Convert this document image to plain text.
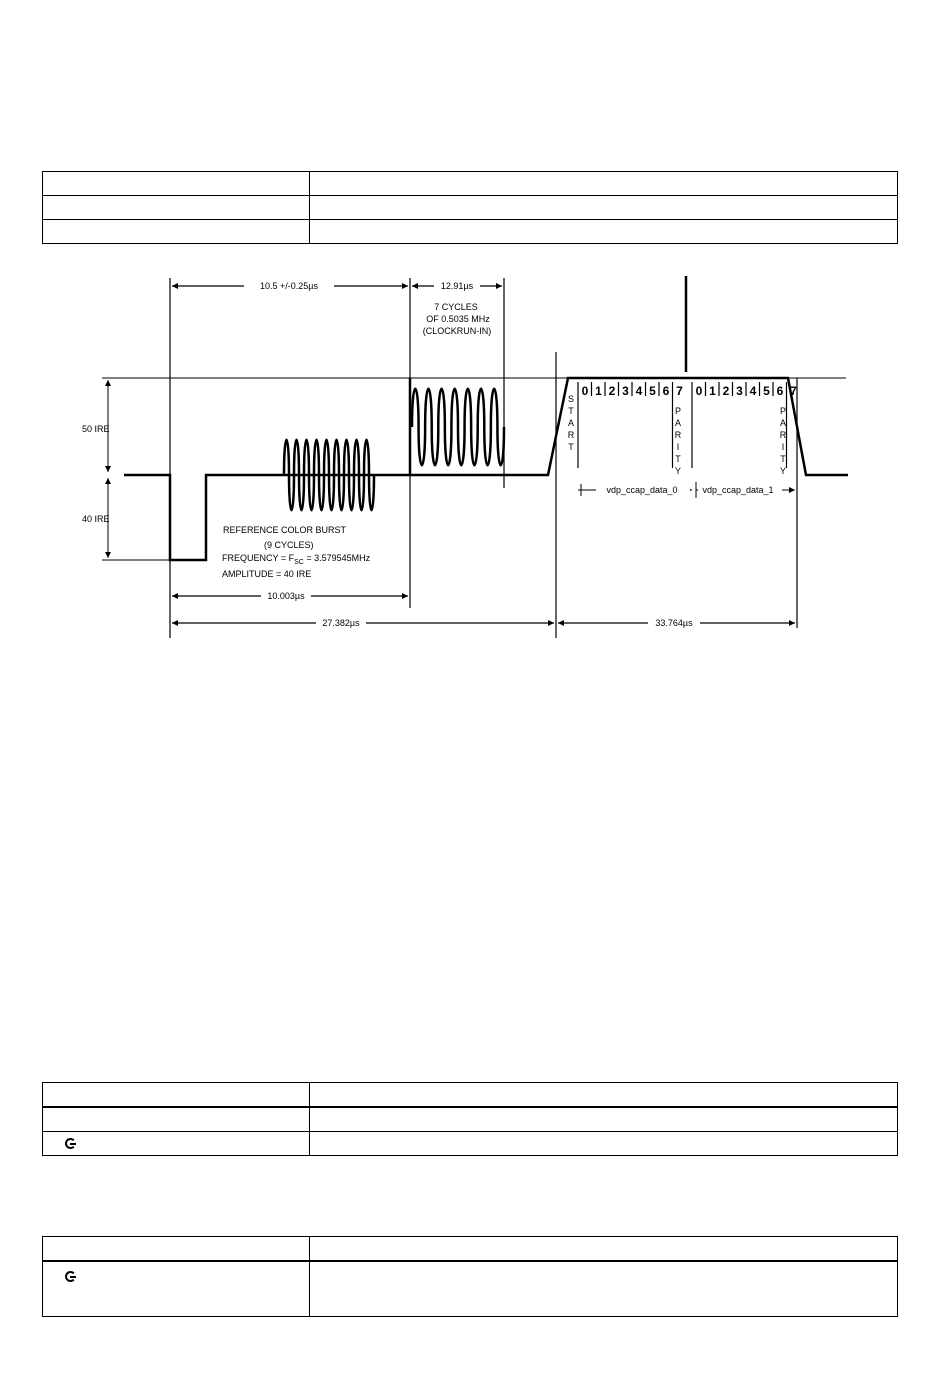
10.5 +/-0.25µs	12.91µs
7 CYCLES
OF 0.5035 MHz
(CLOCKRUN-IN)
50 IRE
40 IRE
REFERENCE COLOR BURST
(9 CYCLES)
FREQUENCY = $F_{SC} = 3.579545MHz$
AMPLITUDE = 40 IRE
10.003µs
27.382µs	33.764µs
0 1 2 3 4 5 6 7 0 1 2 3 4 5 6 7
S
T
A
R
T
P
A
R
I
T
Y
P
A
R
I
T
Y
vdp_ccap_data_0	vdp_ccap_data_1
